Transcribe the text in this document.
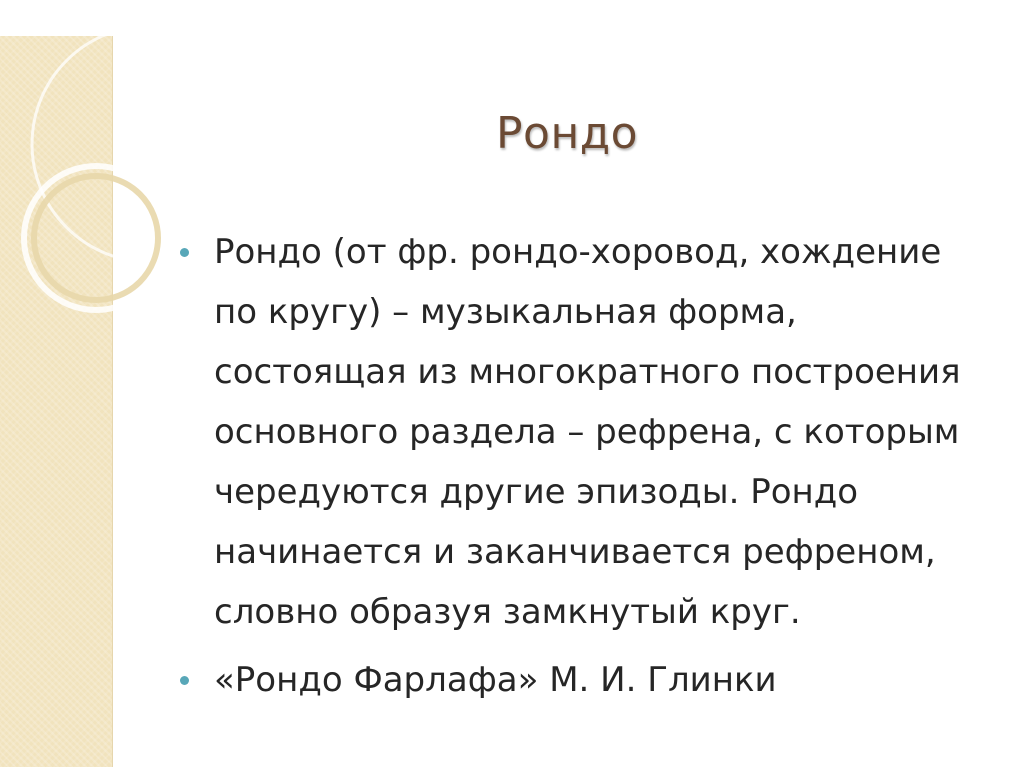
Рондо
Рондо (от фр. рондо-хоровод, хождение по кругу) – музыкальная форма, состоящая из многократного построения основного раздела – рефрена, с которым чередуются другие эпизоды. Рондо начинается и заканчивается рефреном, словно образуя замкнутый круг.
«Рондо Фарлафа» М. И. Глинки
